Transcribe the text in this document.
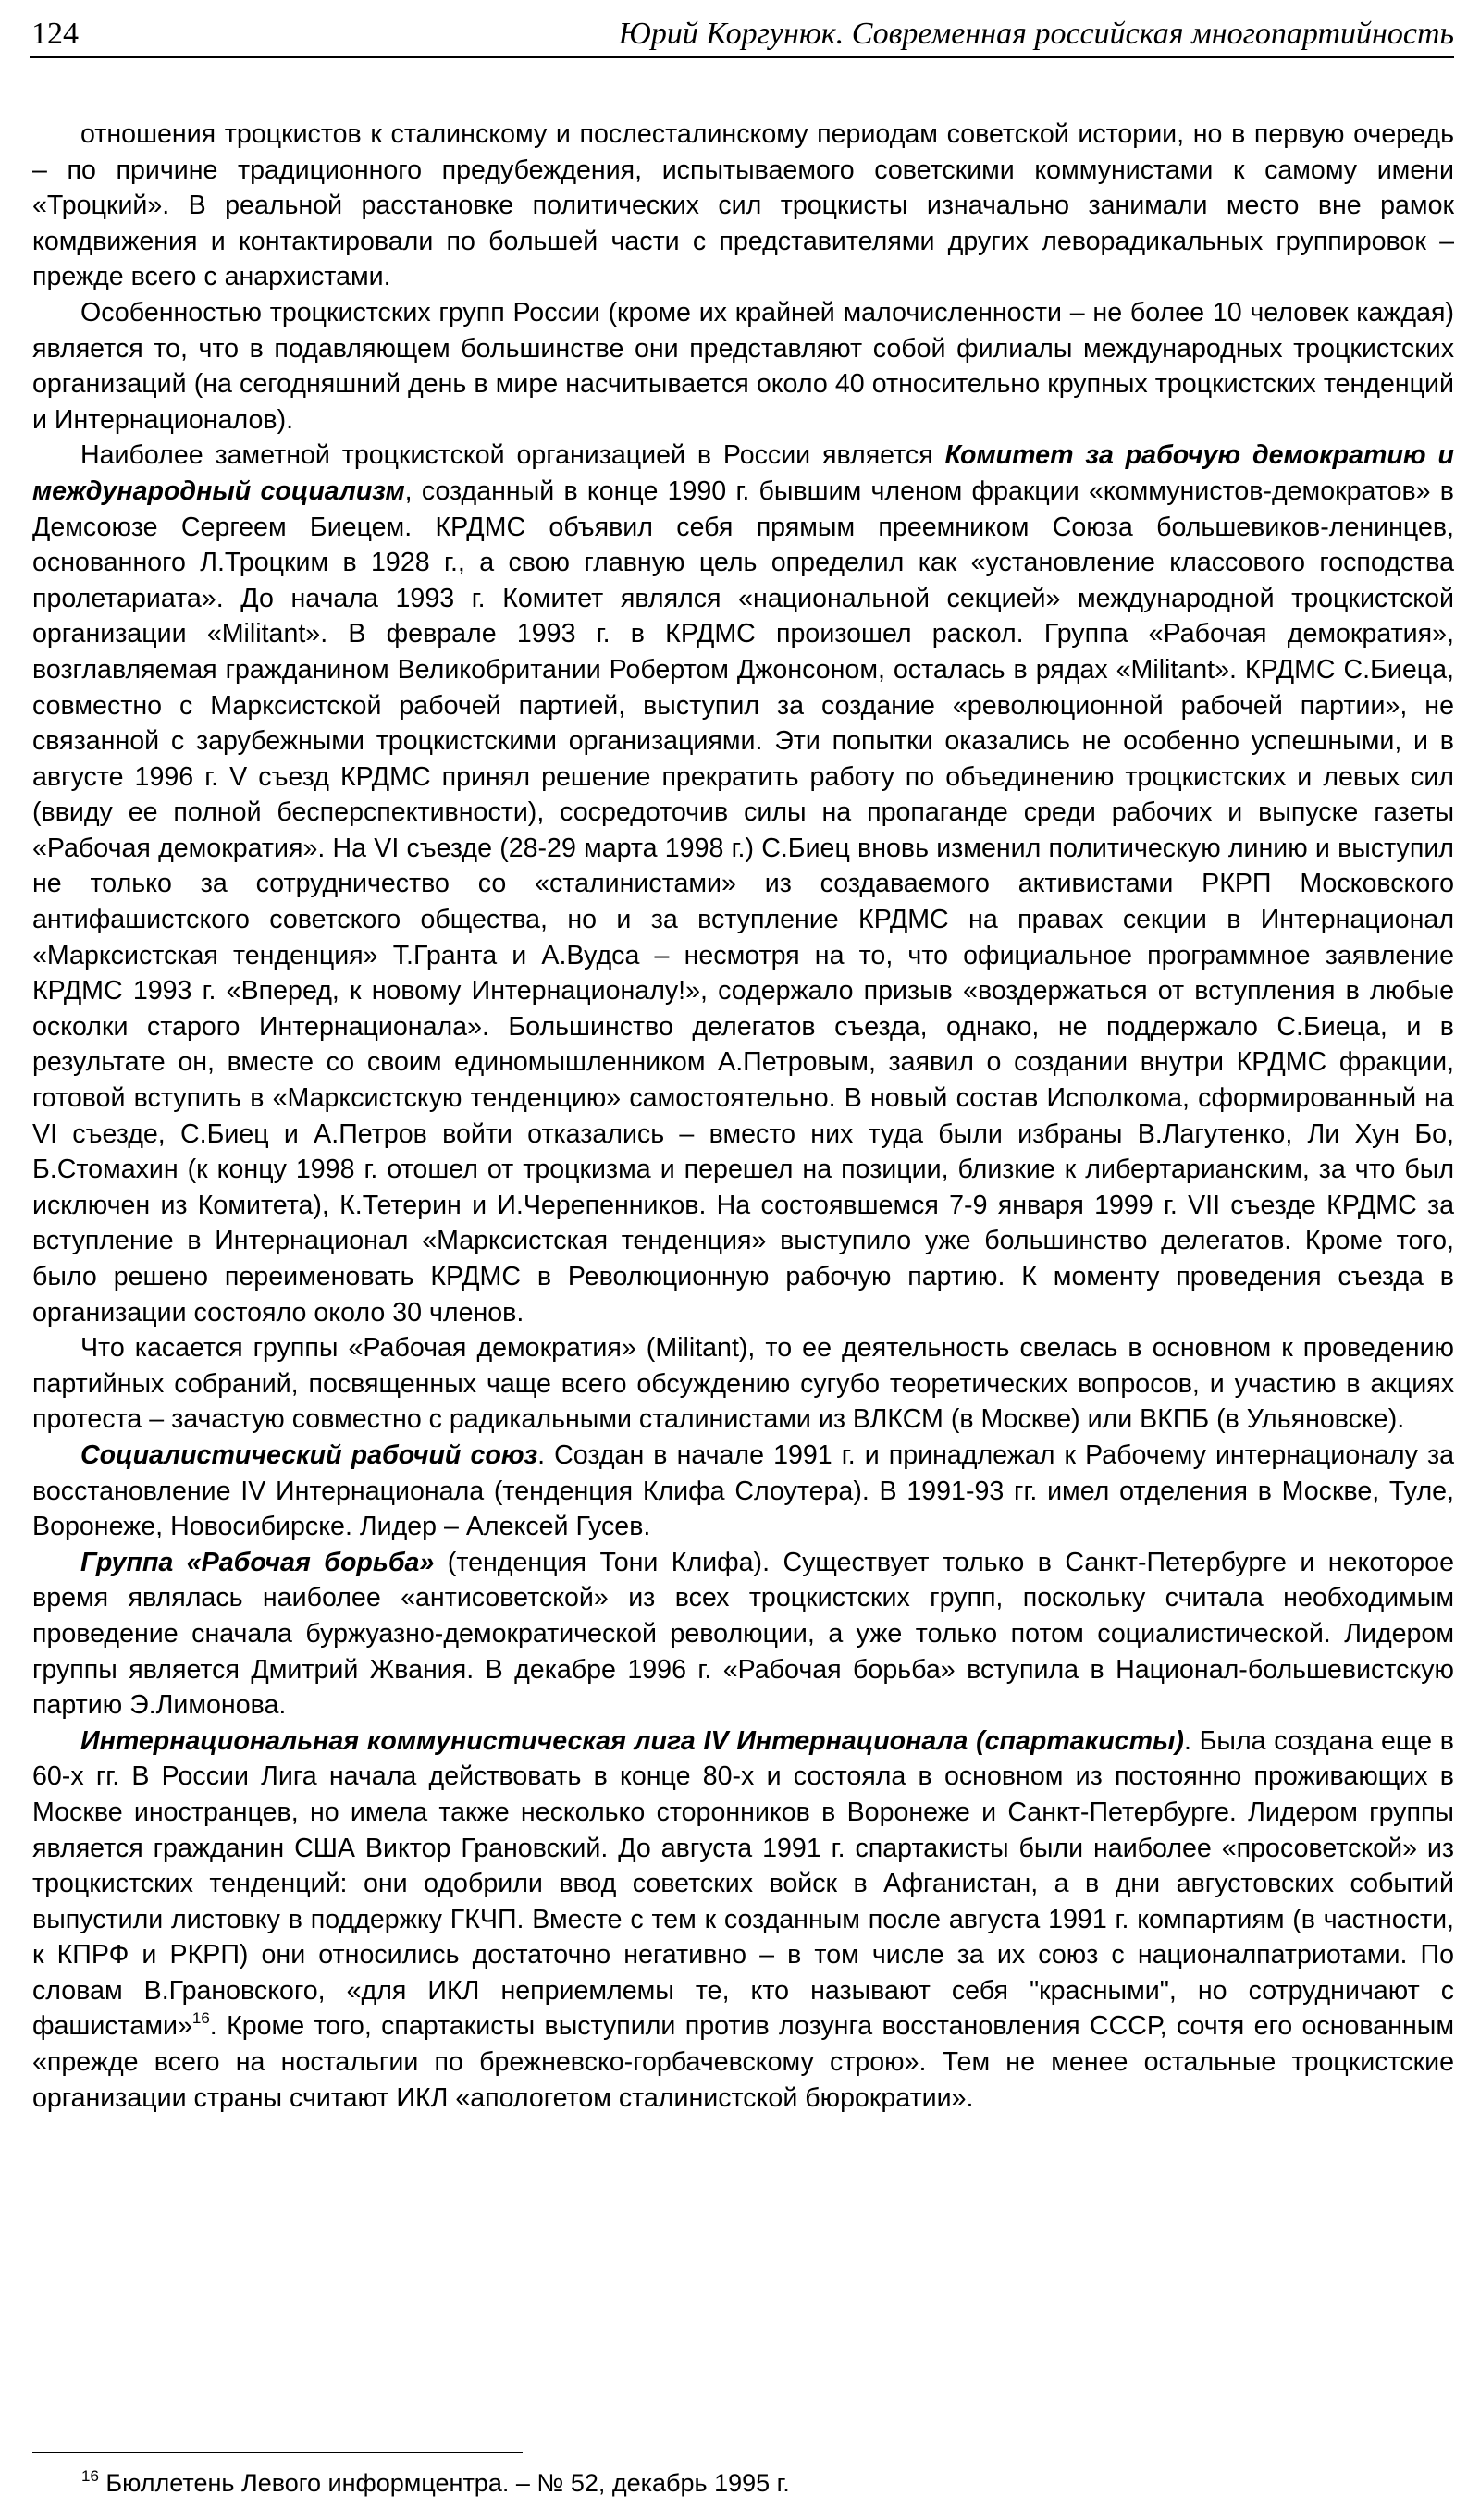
124	Юрий Коргунюк. Современная российская многопартийность

отношения троцкистов к сталинскому и послесталинскому периодам советской истории, но в первую очередь – по причине традиционного предубеждения, испытываемого советскими коммунистами к самому имени «Троцкий». В реальной расстановке политических сил троцкисты изначально занимали место вне рамок комдвижения и контактировали по большей части с представителями других леворадикальных группировок – прежде всего с анархистами.

Особенностью троцкистских групп России (кроме их крайней малочисленности – не более 10 человек каждая) является то, что в подавляющем большинстве они представляют собой филиалы международных троцкистских организаций (на сегодняшний день в мире насчитывается около 40 относительно крупных троцкистских тенденций и Интернационалов).

Наиболее заметной троцкистской организацией в России является Комитет за рабочую демократию и международный социализм, созданный в конце 1990 г. бывшим членом фракции «коммунистов-демократов» в Демсоюзе Сергеем Биецем. КРДМС объявил себя прямым преемником Союза большевиков-ленинцев, основанного Л.Троцким в 1928 г., а свою главную цель определил как «установление классового господства пролетариата». До начала 1993 г. Комитет являлся «национальной секцией» международной троцкистской организации «Militant». В феврале 1993 г. в КРДМС произошел раскол. Группа «Рабочая демократия», возглавляемая гражданином Великобритании Робертом Джонсоном, осталась в рядах «Militant». КРДМС С.Биеца, совместно с Марксистской рабочей партией, выступил за создание «революционной рабочей партии», не связанной с зарубежными троцкистскими организациями. Эти попытки оказались не особенно успешными, и в августе 1996 г. V съезд КРДМС принял решение прекратить работу по объединению троцкистских и левых сил (ввиду ее полной бесперспективности), сосредоточив силы на пропаганде среди рабочих и выпуске газеты «Рабочая демократия». На VI съезде (28-29 марта 1998 г.) С.Биец вновь изменил политическую линию и выступил не только за сотрудничество со «сталинистами» из создаваемого активистами РКРП Московского антифашистского советского общества, но и за вступление КРДМС на правах секции в Интернационал «Марксистская тенденция» Т.Гранта и А.Вудса – несмотря на то, что официальное программное заявление КРДМС 1993 г. «Вперед, к новому Интернационалу!», содержало призыв «воздержаться от вступления в любые осколки старого Интернационала». Большинство делегатов съезда, однако, не поддержало С.Биеца, и в результате он, вместе со своим единомышленником А.Петровым, заявил о создании внутри КРДМС фракции, готовой вступить в «Марксистскую тенденцию» самостоятельно. В новый состав Исполкома, сформированный на VI съезде, С.Биец и А.Петров войти отказались – вместо них туда были избраны В.Лагутенко, Ли Хун Бо, Б.Стомахин (к концу 1998 г. отошел от троцкизма и перешел на позиции, близкие к либертарианским, за что был исключен из Комитета), К.Тетерин и И.Черепенников. На состоявшемся 7-9 января 1999 г. VII съезде КРДМС за вступление в Интернационал «Марксистская тенденция» выступило уже большинство делегатов. Кроме того, было решено переименовать КРДМС в Революционную рабочую партию. К моменту проведения съезда в организации состояло около 30 членов.

Что касается группы «Рабочая демократия» (Militant), то ее деятельность свелась в основном к проведению партийных собраний, посвященных чаще всего обсуждению сугубо теоретических вопросов, и участию в акциях протеста – зачастую совместно с радикальными сталинистами из ВЛКСМ (в Москве) или ВКПБ (в Ульяновске).

Социалистический рабочий союз. Создан в начале 1991 г. и принадлежал к Рабочему интернационалу за восстановление IV Интернационала (тенденция Клифа Слоутера). В 1991-93 гг. имел отделения в Москве, Туле, Воронеже, Новосибирске. Лидер – Алексей Гусев.

Группа «Рабочая борьба» (тенденция Тони Клифа). Существует только в Санкт-Петербурге и некоторое время являлась наиболее «антисоветской» из всех троцкистских групп, поскольку считала необходимым проведение сначала буржуазно-демократической революции, а уже только потом социалистической. Лидером группы является Дмитрий Жвания. В декабре 1996 г. «Рабочая борьба» вступила в Национал-большевистскую партию Э.Лимонова.

Интернациональная коммунистическая лига IV Интернационала (спартакисты). Была создана еще в 60-х гг. В России Лига начала действовать в конце 80-х и состояла в основном из постоянно проживающих в Москве иностранцев, но имела также несколько сторонников в Воронеже и Санкт-Петербурге. Лидером группы является гражданин США Виктор Грановский. До августа 1991 г. спартакисты были наиболее «просоветской» из троцкистских тенденций: они одобрили ввод советских войск в Афганистан, а в дни августовских событий выпустили листовку в поддержку ГКЧП. Вместе с тем к созданным после августа 1991 г. компартиям (в частности, к КПРФ и РКРП) они относились достаточно негативно – в том числе за их союз с националпатриотами. По словам В.Грановского, «для ИКЛ неприемлемы те, кто называют себя "красными", но сотрудничают с фашистами»$^{16}$. Кроме того, спартакисты выступили против лозунга восстановления СССР, сочтя его основанным «прежде всего на ностальгии по брежневско-горбачевскому строю». Тем не менее остальные троцкистские организации страны считают ИКЛ «апологетом сталинистской бюрократии».

$^{16}$ Бюллетень Левого информцентра. – № 52, декабрь 1995 г.
